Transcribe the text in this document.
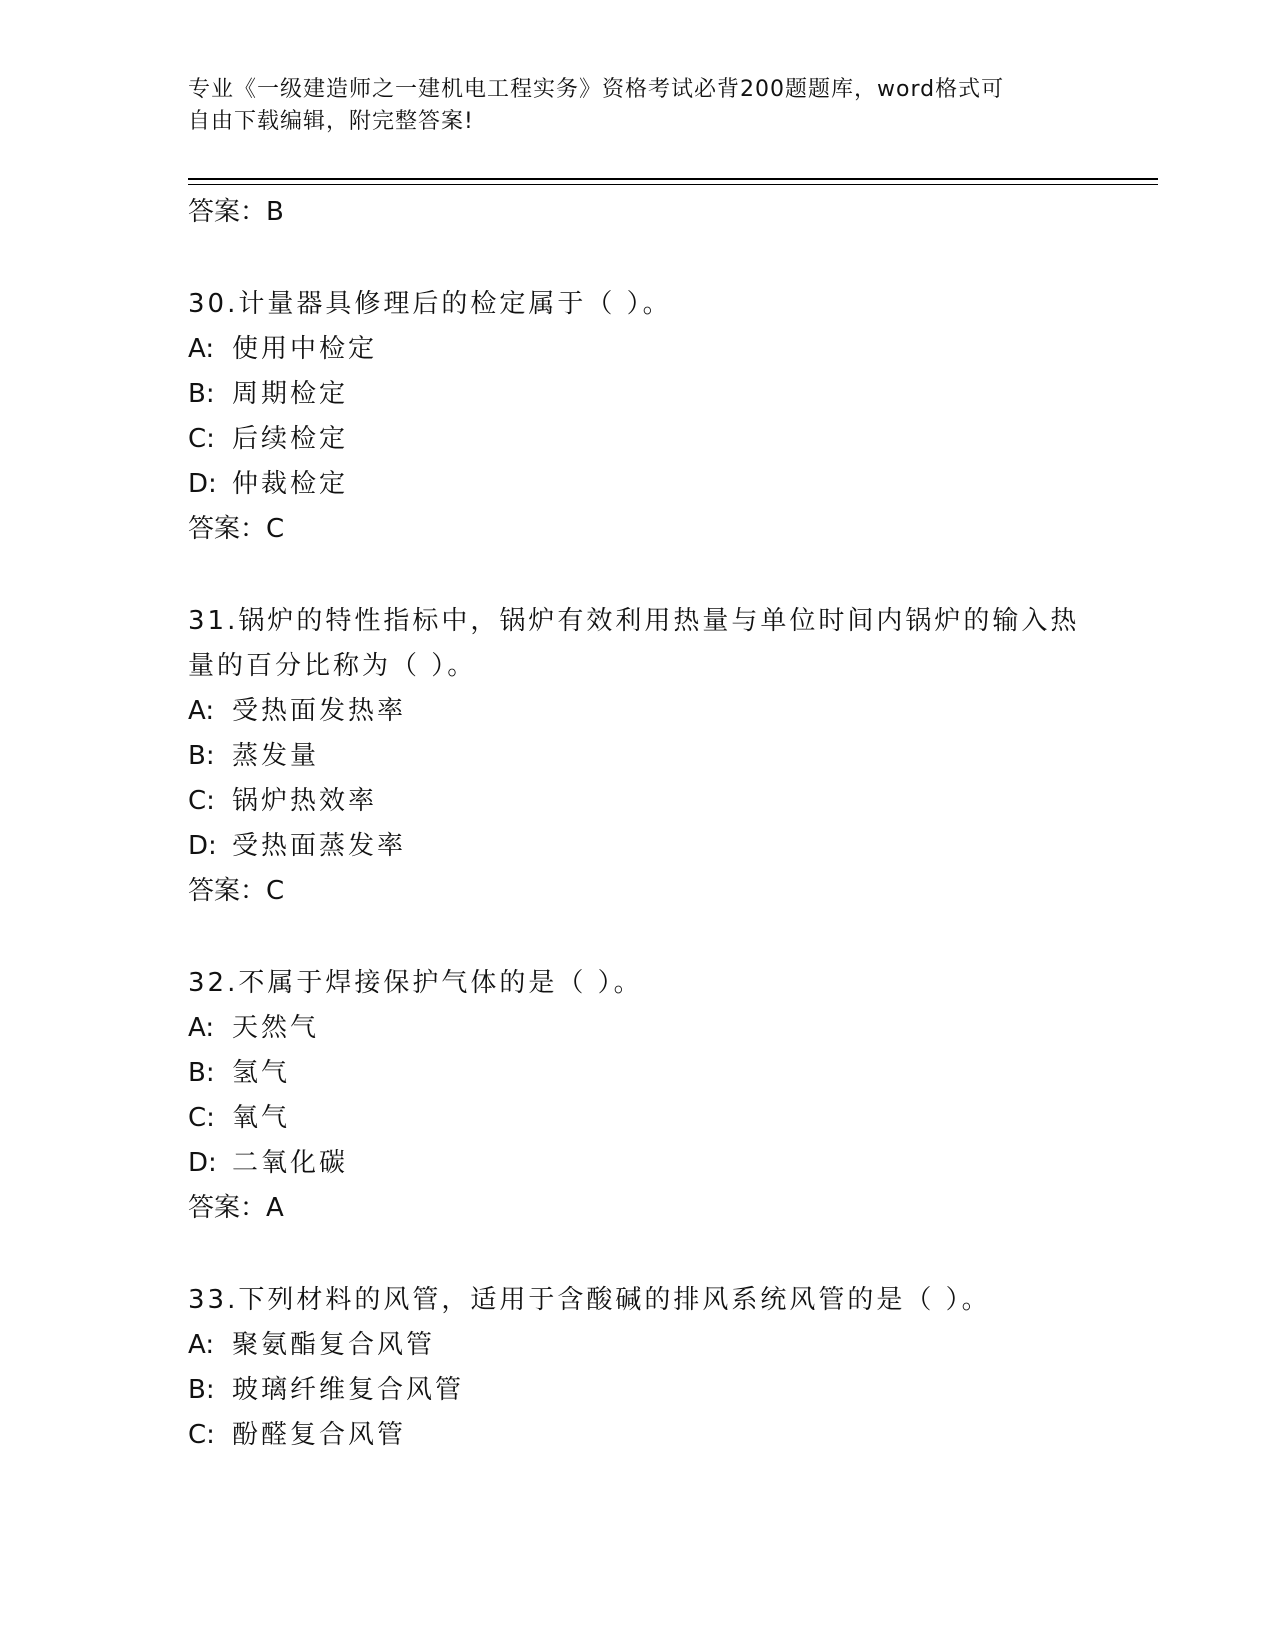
专业《一级建造师之一建机电工程实务》资格考试必背200题题库，word格式可
自由下载编辑，附完整答案!
答案：B
30.计量器具修理后的检定属于（ ）。
A: 使用中检定
B: 周期检定
C: 后续检定
D: 仲裁检定
答案：C
31.锅炉的特性指标中，锅炉有效利用热量与单位时间内锅炉的输入热量的百分比称为（ ）。
A: 受热面发热率
B: 蒸发量
C: 锅炉热效率
D: 受热面蒸发率
答案：C
32.不属于焊接保护气体的是（ ）。
A: 天然气
B: 氢气
C: 氧气
D: 二氧化碳
答案：A
33.下列材料的风管，适用于含酸碱的排风系统风管的是（ ）。
A: 聚氨酯复合风管
B: 玻璃纤维复合风管
C: 酚醛复合风管
